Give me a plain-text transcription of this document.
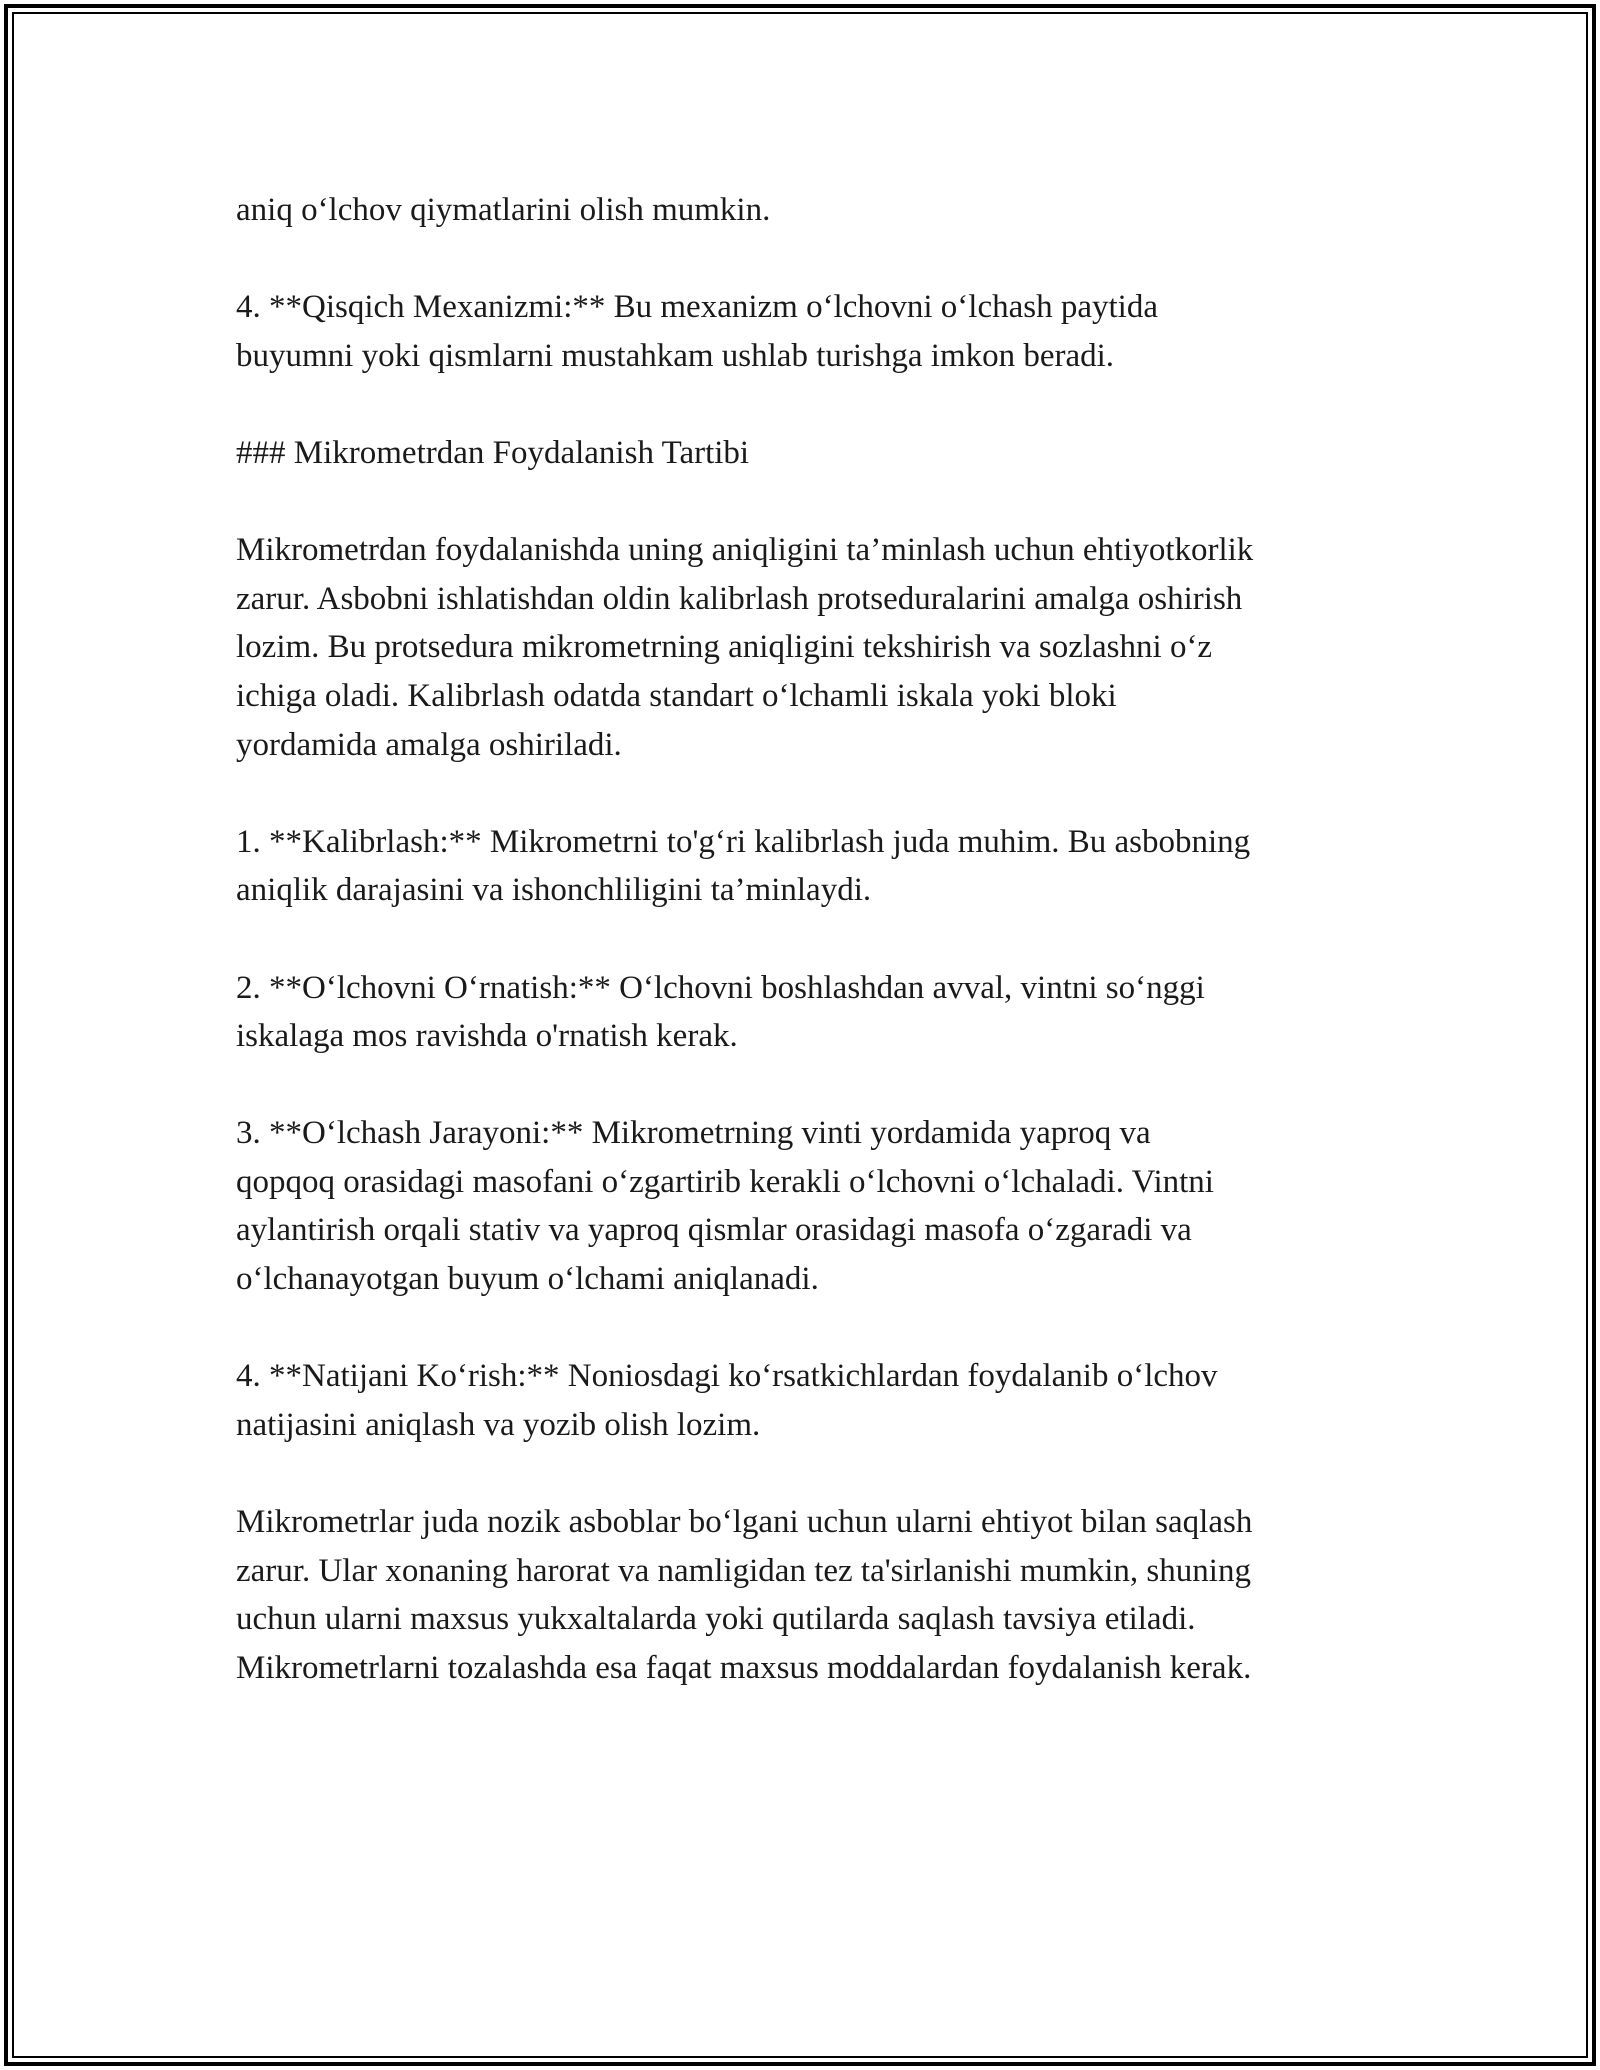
aniq o‘lchov qiymatlarini olish mumkin.

4. **Qisqich Mexanizmi:** Bu mexanizm o‘lchovni o‘lchash paytida
buyumni yoki qismlarni mustahkam ushlab turishga imkon beradi.

### Mikrometrdan Foydalanish Tartibi

Mikrometrdan foydalanishda uning aniqligini ta’minlash uchun ehtiyotkorlik
zarur. Asbobni ishlatishdan oldin kalibrlash protseduralarini amalga oshirish
lozim. Bu protsedura mikrometrning aniqligini tekshirish va sozlashni o‘z
ichiga oladi. Kalibrlash odatda standart o‘lchamli iskala yoki bloki
yordamida amalga oshiriladi.

1. **Kalibrlash:** Mikrometrni to'g‘ri kalibrlash juda muhim. Bu asbobning
aniqlik darajasini va ishonchliligini ta’minlaydi.

2. **O‘lchovni O‘rnatish:** O‘lchovni boshlashdan avval, vintni so‘nggi
iskalaga mos ravishda o'rnatish kerak.

3. **O‘lchash Jarayoni:** Mikrometrning vinti yordamida yaproq va
qopqoq orasidagi masofani o‘zgartirib kerakli o‘lchovni o‘lchaladi. Vintni
aylantirish orqali stativ va yaproq qismlar orasidagi masofa o‘zgaradi va
o‘lchanayotgan buyum o‘lchami aniqlanadi.

4. **Natijani Ko‘rish:** Noniosdagi ko‘rsatkichlardan foydalanib o‘lchov
natijasini aniqlash va yozib olish lozim.

Mikrometrlar juda nozik asboblar bo‘lgani uchun ularni ehtiyot bilan saqlash
zarur. Ular xonaning harorat va namligidan tez ta'sirlanishi mumkin, shuning
uchun ularni maxsus yukxaltalarda yoki qutilarda saqlash tavsiya etiladi.
Mikrometrlarni tozalashda esa faqat maxsus moddalardan foydalanish kerak.
